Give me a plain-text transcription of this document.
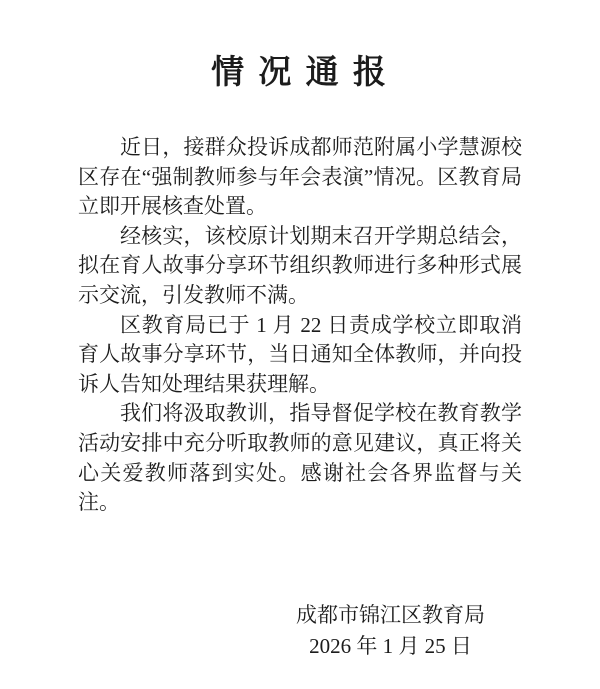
情 况 通 报

近日，接群众投诉成都师范附属小学慧源校区存在“强制教师参与年会表演”情况。区教育局立即开展核查处置。

经核实，该校原计划期末召开学期总结会，拟在育人故事分享环节组织教师进行多种形式展示交流，引发教师不满。

区教育局已于 1 月 22 日责成学校立即取消育人故事分享环节，当日通知全体教师，并向投诉人告知处理结果获理解。

我们将汲取教训，指导督促学校在教育教学活动安排中充分听取教师的意见建议，真正将关心关爱教师落到实处。感谢社会各界监督与关注。

成都市锦江区教育局
2026 年 1 月 25 日
